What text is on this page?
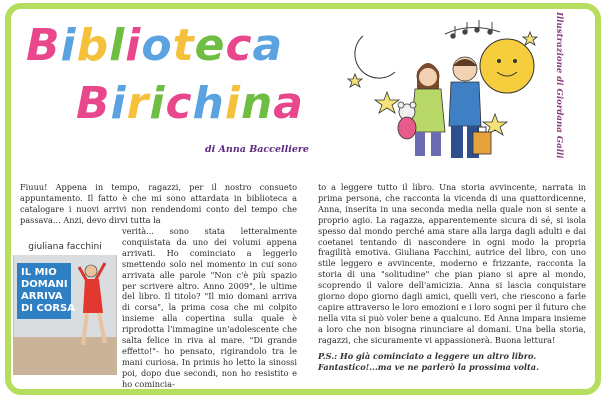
Biblioteca
Birichina
di Anna Baccelliere	Illustrazione di Giordana Galli

Fiuuu! Appena in tempo, ragazzi, per il nostro consueto appuntamento. Il fatto è che mi sono attardata in biblioteca a catalogare i nuovi arrivi non rendendomi conto del tempo che passava... Anzi, devo dirvi tutta la

verità... sono stata letteralmente conquistata da uno dei volumi appena arrivati. Ho cominciato a leggerlo smettendo solo nel momento in cui sono arrivata alle parole "Non c'è più spazio per scrivere altro. Anno 2009", le ultime del libro. Il titolo? "Il mio domani arriva di corsa", la prima cosa che mi colpito insieme alla copertina sulla quale è riprodotta l'immagine un'adolescente che salta felice in riva al mare. "Di grande effetto!"- ho pensato, rigirandolo tra le mani curiosa. In primis ho letto la sinossi poi, dopo due secondi, non ho resistito e ho comincia-

giuliana facchini
IL MIO
DOMANI
ARRIVA
DI CORSA

to a leggere tutto il libro. Una storia avvincente, narrata in prima persona, che racconta la vicenda di una quattordicenne, Anna, inserita in una seconda media nella quale non si sente a proprio agio. La ragazza, apparentemente sicura di sé, si isola spesso dal mondo perché ama stare alla larga dagli adulti e dai coetanei tentando di nascondere in ogni modo la propria fragilità emotiva. Giuliana Facchini, autrice del libro, con uno stile leggero e avvincente, moderno e frizzante, racconta la storia di una "solitudine" che pian piano si apre al mondo, scoprendo il valore dell'amicizia. Anna si lascia conquistare giorno dopo giorno dagli amici, quelli veri, che riescono a farle capire attraverso le loro emozioni e i loro sogni per il futuro che nella vita si può voler bene a qualcuno. Ed Anna impara insieme a loro che non bisogna rinunciare al domani. Una bella storia, ragazzi, che sicuramente vi appassionerà. Buona lettura!

P.S.: Ho già cominciato a leggere un altro libro. Fantastico!...ma ve ne parlerò la prossima volta.
